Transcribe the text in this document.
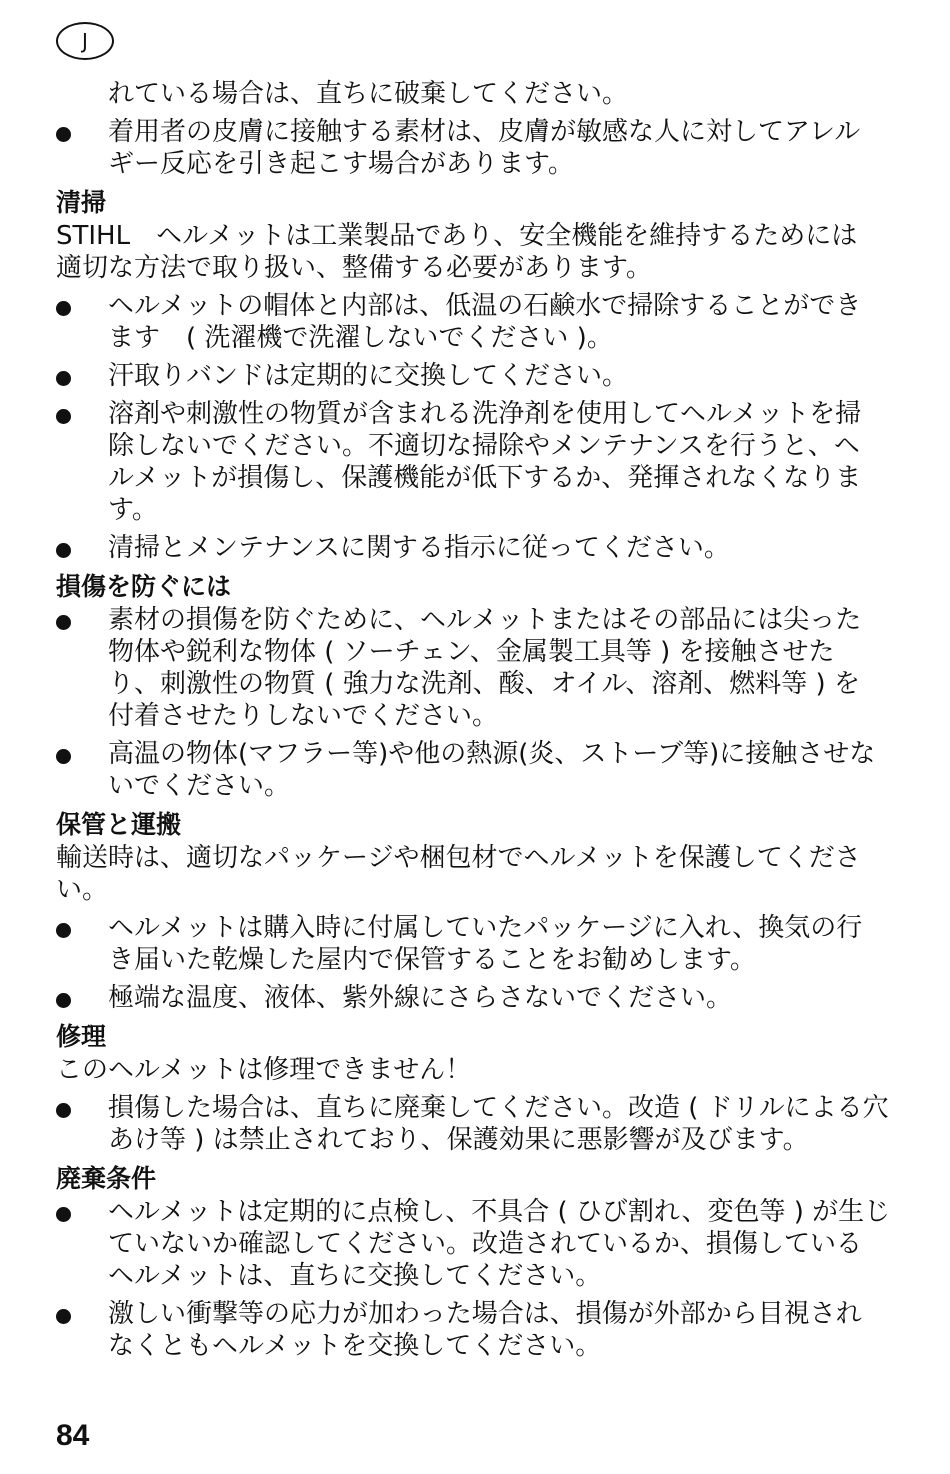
J

れている場合は、直ちに破棄してください。

着用者の皮膚に接触する素材は、皮膚が敏感な人に対してアレル

ギー反応を引き起こす場合があります。

清掃

STIHL　ヘルメットは工業製品であり、安全機能を維持するためには

適切な方法で取り扱い、整備する必要があります。

ヘルメットの帽体と内部は、低温の石鹸水で掃除することができ

ます　( 洗濯機で洗濯しないでください )。

汗取りバンドは定期的に交換してください。

溶剤や刺激性の物質が含まれる洗浄剤を使用してヘルメットを掃

除しないでください。不適切な掃除やメンテナンスを行うと、ヘ

ルメットが損傷し、保護機能が低下するか、発揮されなくなりま

す。

清掃とメンテナンスに関する指示に従ってください。

損傷を防ぐには

素材の損傷を防ぐために、ヘルメットまたはその部品には尖った

物体や鋭利な物体 ( ソーチェン、金属製工具等 ) を接触させた

り、刺激性の物質 ( 強力な洗剤、酸、オイル、溶剤、燃料等 ) を

付着させたりしないでください。

高温の物体(マフラー等)や他の熱源(炎、ストーブ等)に接触させな

いでください。

保管と運搬

輸送時は、適切なパッケージや梱包材でヘルメットを保護してくださ

い。

ヘルメットは購入時に付属していたパッケージに入れ、換気の行

き届いた乾燥した屋内で保管することをお勧めします。

極端な温度、液体、紫外線にさらさないでください。

修理

このヘルメットは修理できません！

損傷した場合は、直ちに廃棄してください。改造 ( ドリルによる穴

あけ等 ) は禁止されており、保護効果に悪影響が及びます。

廃棄条件

ヘルメットは定期的に点検し、不具合 ( ひび割れ、変色等 ) が生じ

ていないか確認してください。改造されているか、損傷している

ヘルメットは、直ちに交換してください。

激しい衝撃等の応力が加わった場合は、損傷が外部から目視され

なくともヘルメットを交換してください。

84
